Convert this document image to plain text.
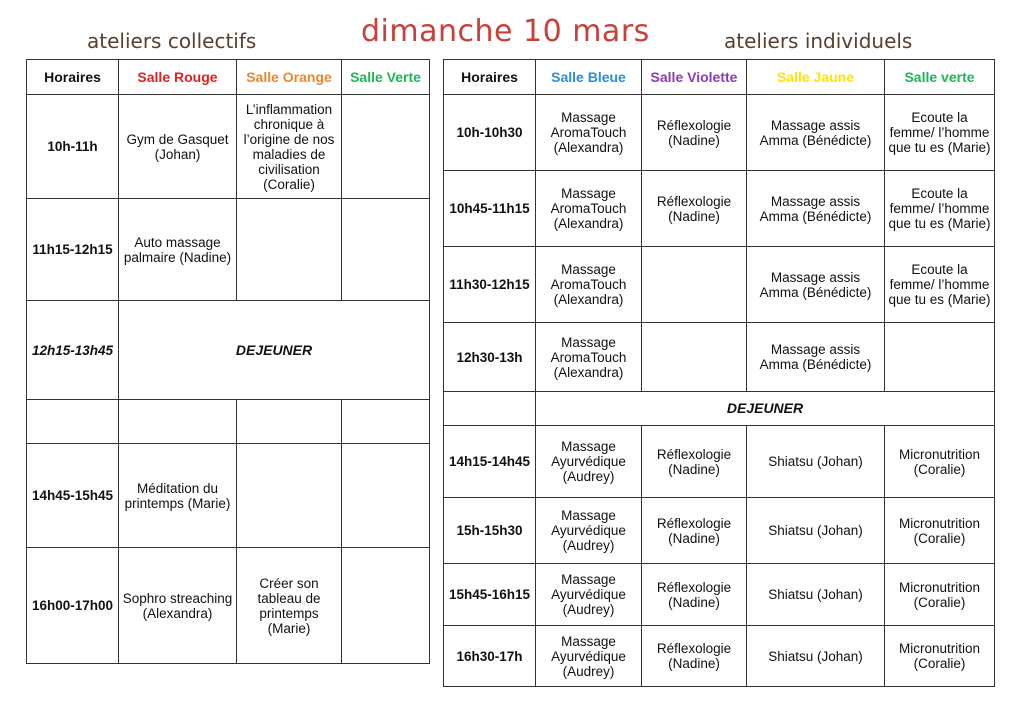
dimanche 10 mars
ateliers collectifs	ateliers individuels
Horaires	Salle Rouge	Salle Orange	Salle Verte
10h-11h	Gym de Gasquet (Johan)	L’inflammation chronique à l’origine de nos maladies de civilisation (Coralie)	
11h15-12h15	Auto massage palmaire (Nadine)		
12h15-13h45	DEJEUNER		

14h45-15h45	Méditation du printemps (Marie)		
16h00-17h00	Sophro streaching (Alexandra)	Créer son tableau de printemps (Marie)	
Horaires	Salle Bleue	Salle Violette	Salle Jaune	Salle verte
10h-10h30	Massage AromaTouch (Alexandra)	Réflexologie (Nadine)	Massage assis Amma (Bénédicte)	Ecoute la femme/ l’homme que tu es (Marie)
10h45-11h15	Massage AromaTouch (Alexandra)	Réflexologie (Nadine)	Massage assis Amma (Bénédicte)	Ecoute la femme/ l’homme que tu es (Marie)
11h30-12h15	Massage AromaTouch (Alexandra)		Massage assis Amma (Bénédicte)	Ecoute la femme/ l’homme que tu es (Marie)
12h30-13h	Massage AromaTouch (Alexandra)		Massage assis Amma (Bénédicte)	
	DEJEUNER			
14h15-14h45	Massage Ayurvédique (Audrey)	Réflexologie (Nadine)	Shiatsu (Johan)	Micronutrition (Coralie)
15h-15h30	Massage Ayurvédique (Audrey)	Réflexologie (Nadine)	Shiatsu (Johan)	Micronutrition (Coralie)
15h45-16h15	Massage Ayurvédique (Audrey)	Réflexologie (Nadine)	Shiatsu (Johan)	Micronutrition (Coralie)
16h30-17h	Massage Ayurvédique (Audrey)	Réflexologie (Nadine)	Shiatsu (Johan)	Micronutrition (Coralie)
